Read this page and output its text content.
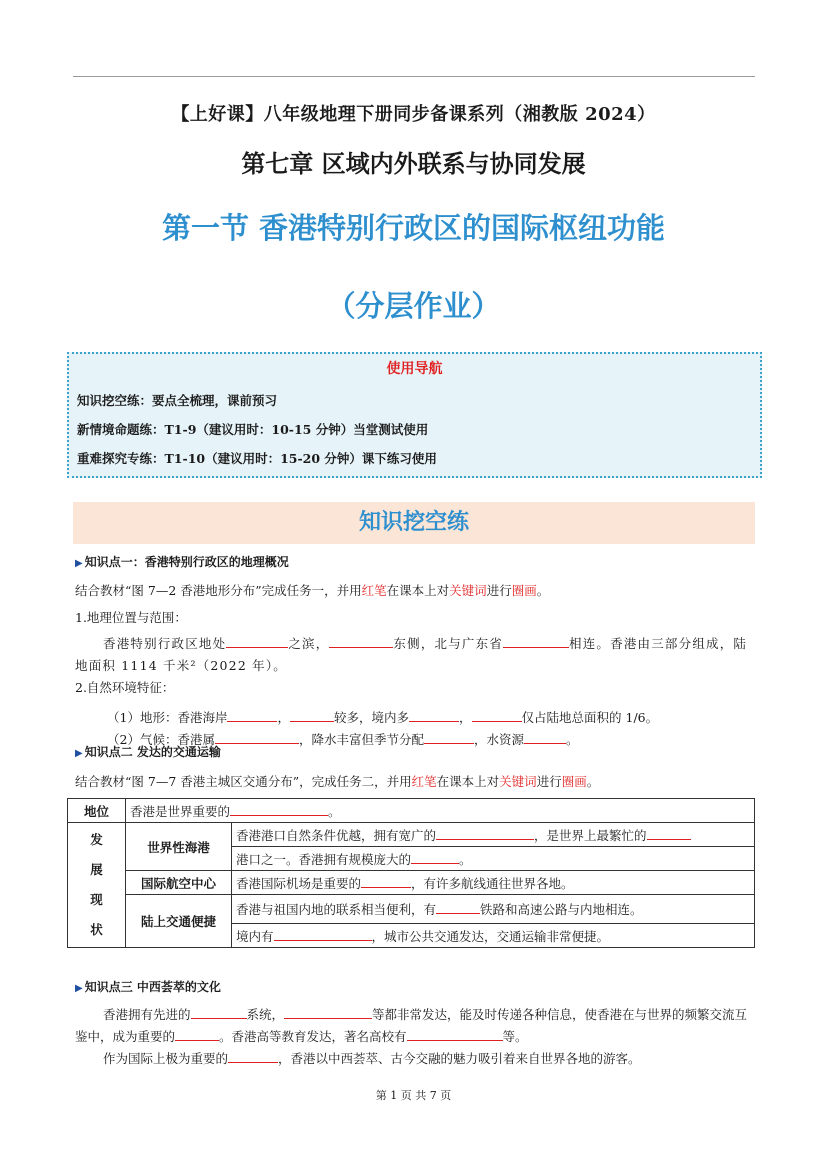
【上好课】八年级地理下册同步备课系列（湘教版 2024）
第七章 区域内外联系与协同发展
第一节 香港特别行政区的国际枢纽功能
（分层作业）
使用导航
知识挖空练：要点全梳理，课前预习
新情境命题练：T1-9（建议用时：10-15 分钟）当堂测试使用
重难探究专练：T1-10（建议用时：15-20 分钟）课下练习使用
知识挖空练
▶ 知识点一：香港特别行政区的地理概况
结合教材“图 7—2 香港地形分布”完成任务一，并用红笔在课本上对关键词进行圈画。
1.地理位置与范围：
香港特别行政区地处	之滨，	东侧，北与广东省	相连。香港由三部分组成，陆地面积 1114 千米²（2022 年）。
2.自然环境特征：
（1）地形：香港海岸	，	较多，境内多	，	仅占陆地总面积的 1/6。
（2）气候：香港属	，降水丰富但季节分配	，水资源	。
▶ 知识点二 发达的交通运输
结合教材“图 7—7 香港主城区交通分布”，完成任务二，并用红笔在课本上对关键词进行圈画。
地位	香港是世界重要的 。	

发
展
现
状	世界性海港	香港港口自然条件优越，拥有宽广的 ，是世界上最繁忙的
		港口之一。香港拥有规模庞大的 。
	国际航空中心	香港国际机场是重要的 ，有许多航线通往世界各地。
	陆上交通便捷	香港与祖国内地的联系相当便利，有 铁路和高速公路与内地相连。
		境内有 ，城市公共交通发达，交通运输非常便捷。
▶ 知识点三 中西荟萃的文化
香港拥有先进的	系统，	等都非常发达，能及时传递各种信息，使香港在与世界的频繁交流互鉴中，成为重要的	。香港高等教育发达，著名高校有	等。
作为国际上极为重要的	，香港以中西荟萃、古今交融的魅力吸引着来自世界各地的游客。
第 1 页 共 7 页
